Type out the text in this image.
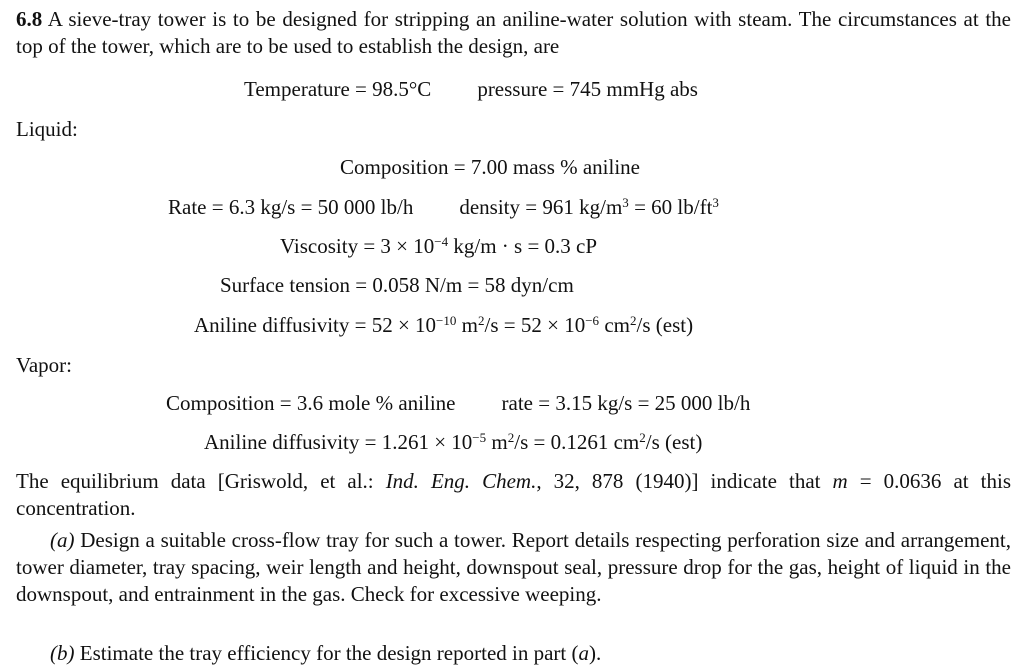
6.8 A sieve-tray tower is to be designed for stripping an aniline-water solution with steam. The circumstances at the top of the tower, which are to be used to establish the design, are
Temperature = 98.5°C pressure = 745 mmHg abs
Liquid:
Composition = 7.00 mass % aniline
Rate = 6.3 kg/s = 50 000 lb/h density = 961 $kg/m^3 = 60$ $lb/ft^3$
Viscosity = $3 \times 10^{-4}$ kg/m · s = 0.3 cP
Surface tension = 0.058 N/m = 58 dyn/cm
Aniline diffusivity = $52 \times 10^{-10}$ $m^2/s = 52 \times 10^{-6}$ $cm^2/s$ (est)
Vapor:
Composition = 3.6 mole % aniline rate = 3.15 kg/s = 25 000 lb/h
Aniline diffusivity = $1.261 \times 10^{-5}$ $m^2/s = 0.1261$ $cm^2/s$ (est)
The equilibrium data [Griswold, et al.: Ind. Eng. Chem., 32, 878 (1940)] indicate that m = 0.0636 at this concentration.
(a) Design a suitable cross-flow tray for such a tower. Report details respecting perforation size and arrangement, tower diameter, tray spacing, weir length and height, downspout seal, pressure drop for the gas, height of liquid in the downspout, and entrainment in the gas. Check for excessive weeping.
(b) Estimate the tray efficiency for the design reported in part (a).
